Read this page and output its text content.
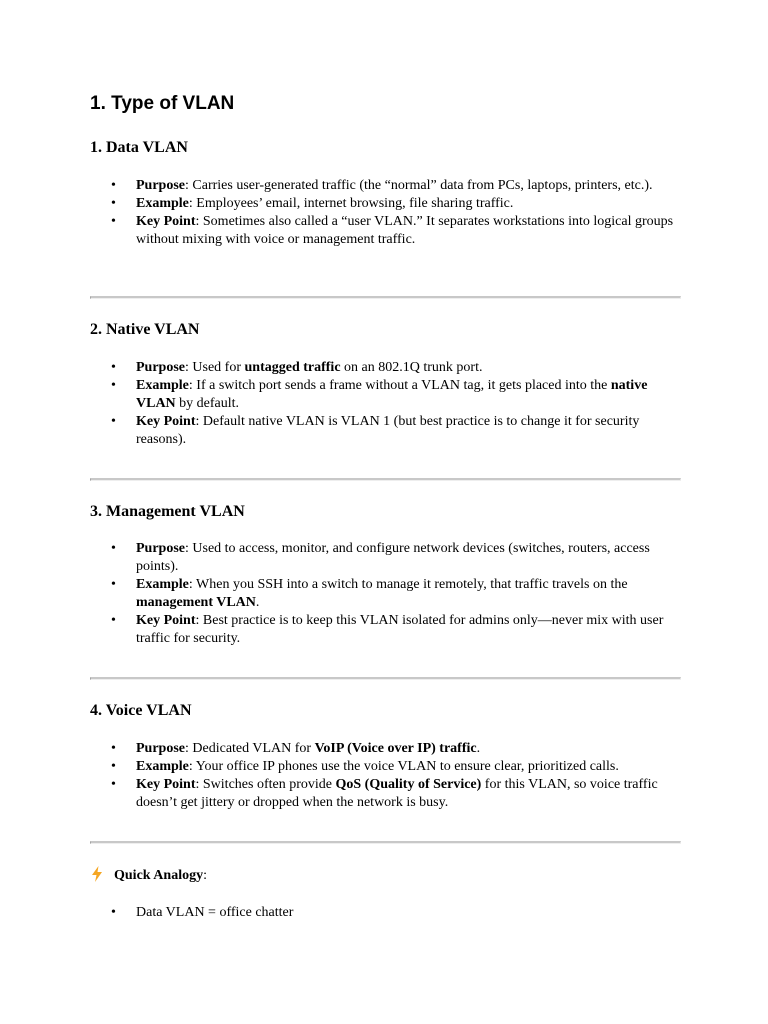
1. Type of VLAN
1. Data VLAN
• Purpose: Carries user-generated traffic (the “normal” data from PCs, laptops, printers, etc.).
• Example: Employees’ email, internet browsing, file sharing traffic.
• Key Point: Sometimes also called a “user VLAN.” It separates workstations into logical groups without mixing with voice or management traffic.
2. Native VLAN
• Purpose: Used for untagged traffic on an 802.1Q trunk port.
• Example: If a switch port sends a frame without a VLAN tag, it gets placed into the native VLAN by default.
• Key Point: Default native VLAN is VLAN 1 (but best practice is to change it for security reasons).
3. Management VLAN
• Purpose: Used to access, monitor, and configure network devices (switches, routers, access points).
• Example: When you SSH into a switch to manage it remotely, that traffic travels on the management VLAN.
• Key Point: Best practice is to keep this VLAN isolated for admins only—never mix with user traffic for security.
4. Voice VLAN
• Purpose: Dedicated VLAN for VoIP (Voice over IP) traffic.
• Example: Your office IP phones use the voice VLAN to ensure clear, prioritized calls.
• Key Point: Switches often provide QoS (Quality of Service) for this VLAN, so voice traffic doesn’t get jittery or dropped when the network is busy.

Quick Analogy:

• Data VLAN = office chatter
